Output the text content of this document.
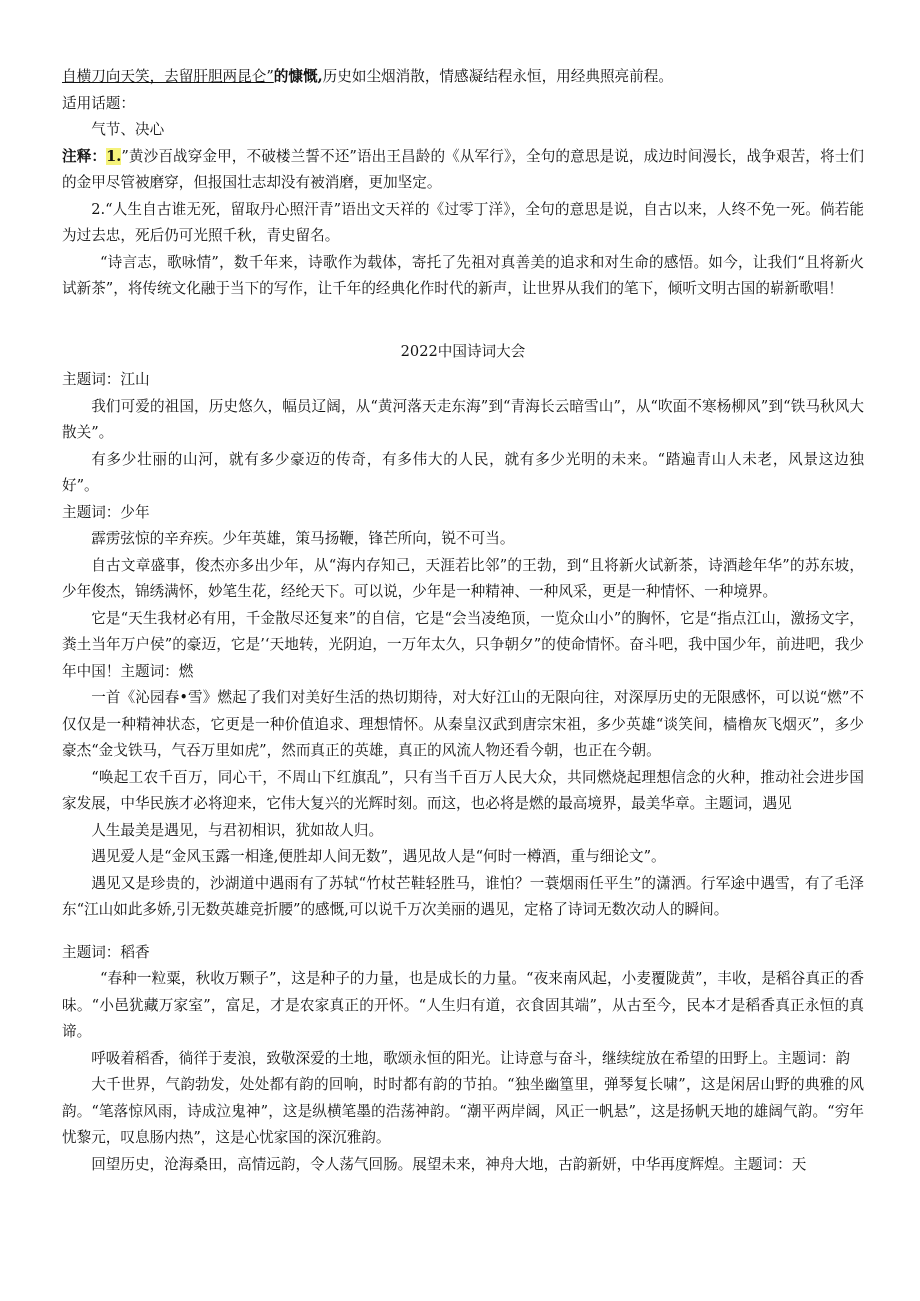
自横刀向天笑，去留肝胆两昆仑”的慷慨,历史如尘烟消散，情感凝结程永恒，用经典照亮前程。

适用话题：

气节、决心

注释：1.”黄沙百战穿金甲，不破楼兰誓不还”语出王昌龄的《从军行》，全句的意思是说，成边时间漫长，战争艰苦，将士们的金甲尽管被磨穿，但报国壮志却没有被消磨，更加坚定。

2.“人生自古谁无死，留取丹心照汗青”语出文天祥的《过零丁洋》，全句的意思是说，自古以来，人终不免一死。倘若能为过去忠，死后仍可光照千秋，青史留名。

“诗言志，歌咏情”，数千年来，诗歌作为载体，寄托了先祖对真善美的追求和对生命的感悟。如今，让我们“且将新火试新茶”，将传统文化融于当下的写作，让千年的经典化作时代的新声，让世界从我们的笔下，倾听文明古国的崭新歌唱！

2022中国诗词大会

主题词：江山

我们可爱的祖国，历史悠久，幅员辽阔，从“黄河落天走东海”到“青海长云暗雪山”，从“吹面不寒杨柳风”到“铁马秋风大散关”。

有多少壮丽的山河，就有多少豪迈的传奇，有多伟大的人民，就有多少光明的未来。“踏遍青山人未老，风景这边独好”。

主题词：少年

霹雳弦惊的辛弃疾。少年英雄，策马扬鞭，锋芒所向，锐不可当。

自古文章盛事，俊杰亦多出少年，从“海内存知己，天涯若比邻”的王勃，到“且将新火试新茶，诗酒趁年华”的苏东坡，少年俊杰，锦绣满怀，妙笔生花，经纶天下。可以说，少年是一种精神、一种风采，更是一种情怀、一种境界。

它是“天生我材必有用，千金散尽还复来”的自信，它是“会当凌绝顶，一览众山小”的胸怀，它是“指点江山，激扬文字，粪土当年万户侯”的豪迈，它是’‘天地转，光阴迫，一万年太久，只争朝夕”的使命情怀。奋斗吧，我中国少年，前进吧，我少年中国！主题词：燃

一首《沁园春•雪》燃起了我们对美好生活的热切期待，对大好江山的无限向往，对深厚历史的无限感怀，可以说“燃”不仅仅是一种精神状态，它更是一种价值追求、理想情怀。从秦皇汉武到唐宗宋祖，多少英雄“谈笑间，樯橹灰飞烟灭”，多少豪杰“金戈铁马，气吞万里如虎”，然而真正的英雄，真正的风流人物还看今朝，也正在今朝。

“唤起工农千百万，同心干，不周山下红旗乱”，只有当千百万人民大众，共同燃烧起理想信念的火种，推动社会进步国家发展，中华民族才必将迎来，它伟大复兴的光辉时刻。而这，也必将是燃的最高境界，最美华章。主题词，遇见

人生最美是遇见，与君初相识，犹如故人归。

遇见爱人是“金风玉露一相逢,便胜却人间无数”，遇见故人是“何时一樽酒，重与细论文”。

遇见又是珍贵的，沙湖道中遇雨有了苏轼“竹杖芒鞋轻胜马，谁怕？一蓑烟雨任平生”的潇洒。行军途中遇雪，有了毛泽东“江山如此多娇,引无数英雄竞折腰”的感慨,可以说千万次美丽的遇见，定格了诗词无数次动人的瞬间。

主题词：稻香

“春种一粒粟，秋收万颗子”，这是种子的力量，也是成长的力量。“夜来南风起，小麦覆陇黄”，丰收，是稻谷真正的香味。“小邑犹藏万家室”，富足，才是农家真正的开怀。“人生归有道，衣食固其端”，从古至今，民本才是稻香真正永恒的真谛。

呼吸着稻香，徜徉于麦浪，致敬深爱的土地，歌颂永恒的阳光。让诗意与奋斗，继续绽放在希望的田野上。主题词：韵

大千世界，气韵勃发，处处都有韵的回响，时时都有韵的节拍。“独坐幽篁里，弹琴复长啸”，这是闲居山野的典雅的风韵。“笔落惊风雨，诗成泣鬼神”，这是纵横笔墨的浩荡神韵。“潮平两岸阔，风正一帆悬”，这是扬帆天地的雄阔气韵。“穷年忧黎元，叹息肠内热”，这是心忧家国的深沉雅韵。

回望历史，沧海桑田，高情远韵，令人荡气回肠。展望未来，神舟大地，古韵新妍，中华再度辉煌。主题词：天
